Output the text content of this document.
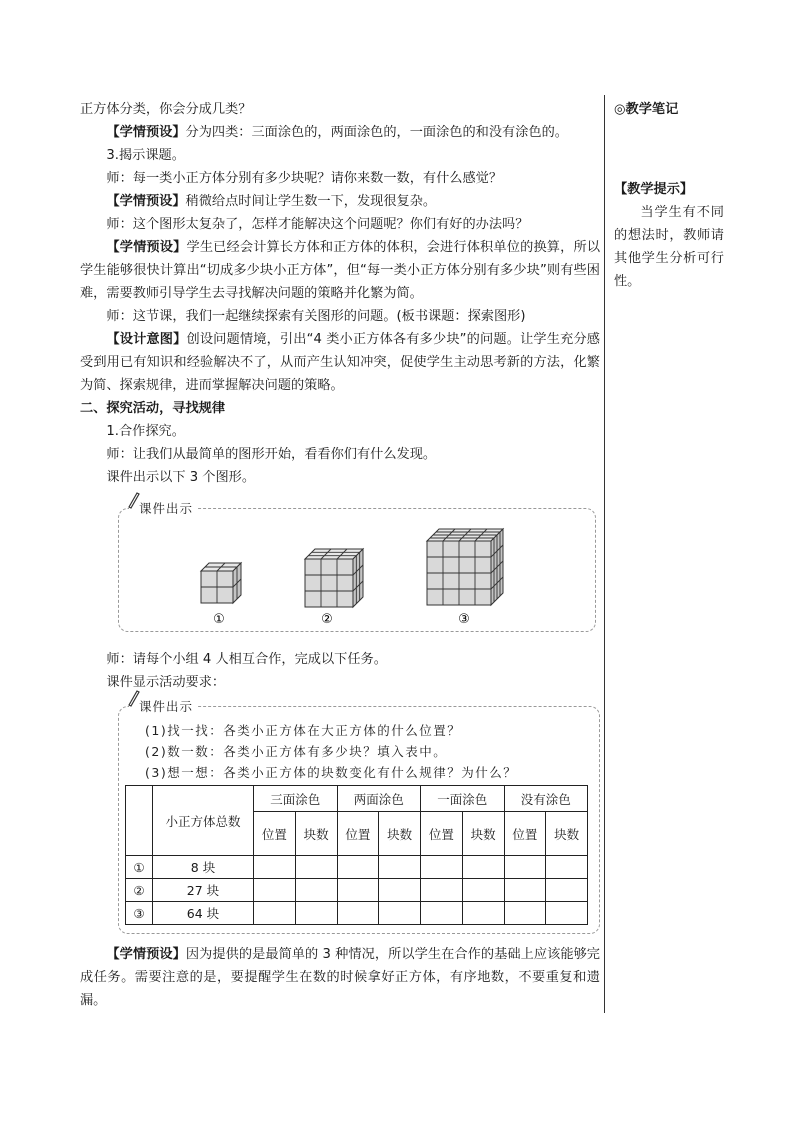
正方体分类，你会分成几类？

【学情预设】分为四类：三面涂色的，两面涂色的，一面涂色的和没有涂色的。

3.揭示课题。

师：每一类小正方体分别有多少块呢？请你来数一数，有什么感觉？

【学情预设】稍微给点时间让学生数一下，发现很复杂。

师：这个图形太复杂了，怎样才能解决这个问题呢？你们有好的办法吗？

【学情预设】学生已经会计算长方体和正方体的体积，会进行体积单位的换算，所以学生能够很快计算出“切成多少块小正方体”，但“每一类小正方体分别有多少块”则有些困难，需要教师引导学生去寻找解决问题的策略并化繁为简。

师：这节课，我们一起继续探索有关图形的问题。(板书课题：探索图形)

【设计意图】创设问题情境，引出“4 类小正方体各有多少块”的问题。让学生充分感受到用已有知识和经验解决不了，从而产生认知冲突，促使学生主动思考新的方法，化繁为简、探索规律，进而掌握解决问题的策略。

二、探究活动，寻找规律

1.合作探究。

师：让我们从最简单的图形开始，看看你们有什么发现。

课件出示以下 3 个图形。

课件出示
①	②	③

师：请每个小组 4 人相互合作，完成以下任务。

课件显示活动要求：

课件出示
(1)找一找：各类小正方体在大正方体的什么位置？
(2)数一数：各类小正方体有多少块？填入表中。
(3)想一想：各类小正方体的块数变化有什么规律？为什么？
	小正方体总数	三面涂色		两面涂色		一面涂色		没有涂色	
		位置	块数	位置	块数	位置	块数	位置	块数
①	8 块								
②	27 块								
③	64 块								

【学情预设】因为提供的是最简单的 3 种情况，所以学生在合作的基础上应该能够完成任务。需要注意的是，要提醒学生在数的时候拿好正方体，有序地数，不要重复和遗漏。

◎教学笔记

【教学提示】

当学生有不同的想法时，教师请其他学生分析可行性。
